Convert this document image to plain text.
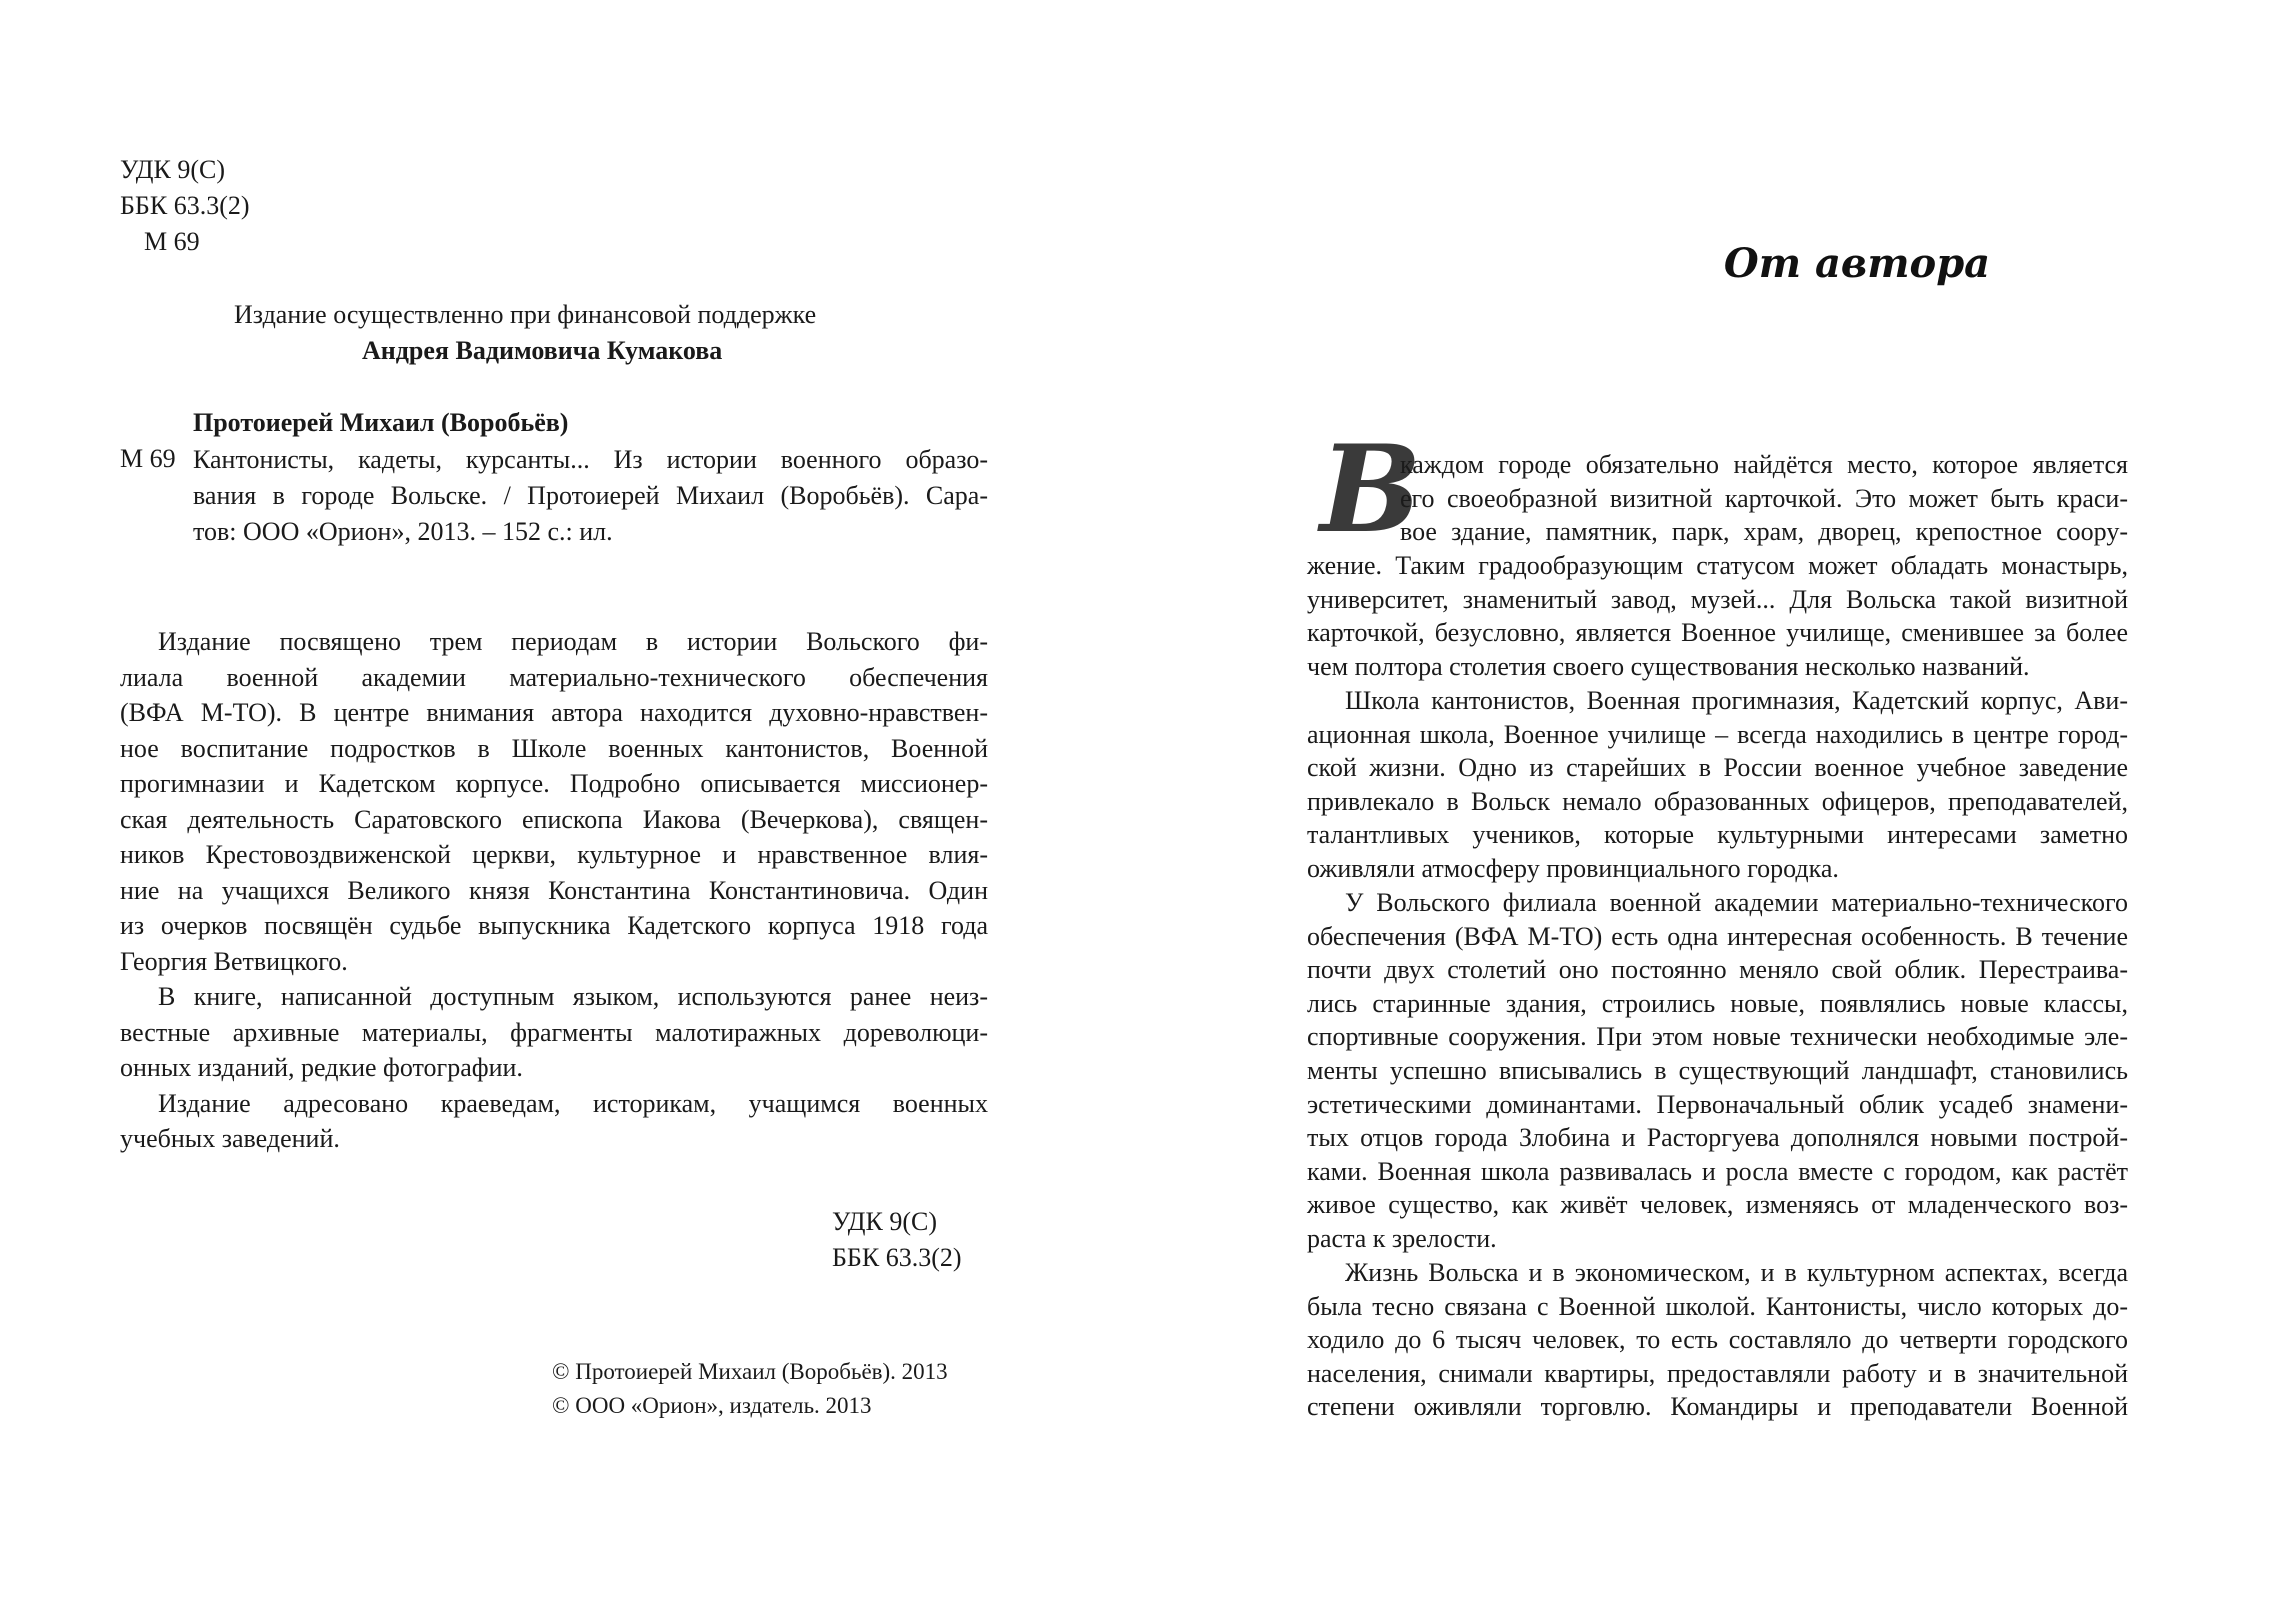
УДК 9(С)

ББК 63.3(2)

М 69

Издание осуществленно при финансовой поддержке

Андрея Вадимовича Кумакова

Протоиерей Михаил (Воробьёв)

М 69 Кантонисты, кадеты, курсанты... Из истории военного образо-
вания в городе Вольске. / Протоиерей Михаил (Воробьёв). Сара-
тов: ООО «Орион», 2013. – 152 с.: ил.
Издание посвящено трем периодам в истории Вольского фи-
лиала военной академии материально-технического обеспечения
(ВФА М-ТО). В центре внимания автора находится духовно-нравствен-
ное воспитание подростков в Школе военных кантонистов, Военной
прогимназии и Кадетском корпусе. Подробно описывается миссионер-
ская деятельность Саратовского епископа Иакова (Вечеркова), священ-
ников Крестовоздвиженской церкви, культурное и нравственное влия-
ние на учащихся Великого князя Константина Константиновича. Один
из очерков посвящён судьбе выпускника Кадетского корпуса 1918 года
Георгия Ветвицкого.
В книге, написанной доступным языком, используются ранее неиз-
вестные архивные материалы, фрагменты малотиражных дореволюци-
онных изданий, редкие фотографии.
Издание адресовано краеведам, историкам, учащимся военных
учебных заведений.

УДК 9(С)

ББК 63.3(2)

© Протоиерей Михаил (Воробьёв). 2013

© ООО «Орион», издатель. 2013

От автора
В
каждом городе обязательно найдётся место, которое является
его своеобразной визитной карточкой. Это может быть краси-
вое здание, памятник, парк, храм, дворец, крепостное соору-
жение. Таким градообразующим статусом может обладать монастырь,
университет, знаменитый завод, музей... Для Вольска такой визитной
карточкой, безусловно, является Военное училище, сменившее за более
чем полтора столетия своего существования несколько названий.
Школа кантонистов, Военная прогимназия, Кадетский корпус, Ави-
ационная школа, Военное училище – всегда находились в центре город-
ской жизни. Одно из старейших в России военное учебное заведение
привлекало в Вольск немало образованных офицеров, преподавателей,
талантливых учеников, которые культурными интересами заметно
оживляли атмосферу провинциального городка.
У Вольского филиала военной академии материально-технического
обеспечения (ВФА М-ТО) есть одна интересная особенность. В течение
почти двух столетий оно постоянно меняло свой облик. Перестраива-
лись старинные здания, строились новые, появлялись новые классы,
спортивные сооружения. При этом новые технически необходимые эле-
менты успешно вписывались в существующий ландшафт, становились
эстетическими доминантами. Первоначальный облик усадеб знамени-
тых отцов города Злобина и Расторгуева дополнялся новыми построй-
ками. Военная школа развивалась и росла вместе с городом, как растёт
живое существо, как живёт человек, изменяясь от младенческого воз-
раста к зрелости.
Жизнь Вольска и в экономическом, и в культурном аспектах, всегда
была тесно связана с Военной школой. Кантонисты, число которых до-
ходило до 6 тысяч человек, то есть составляло до четверти городского
населения, снимали квартиры, предоставляли работу и в значительной
степени оживляли торговлю. Командиры и преподаватели Военной
